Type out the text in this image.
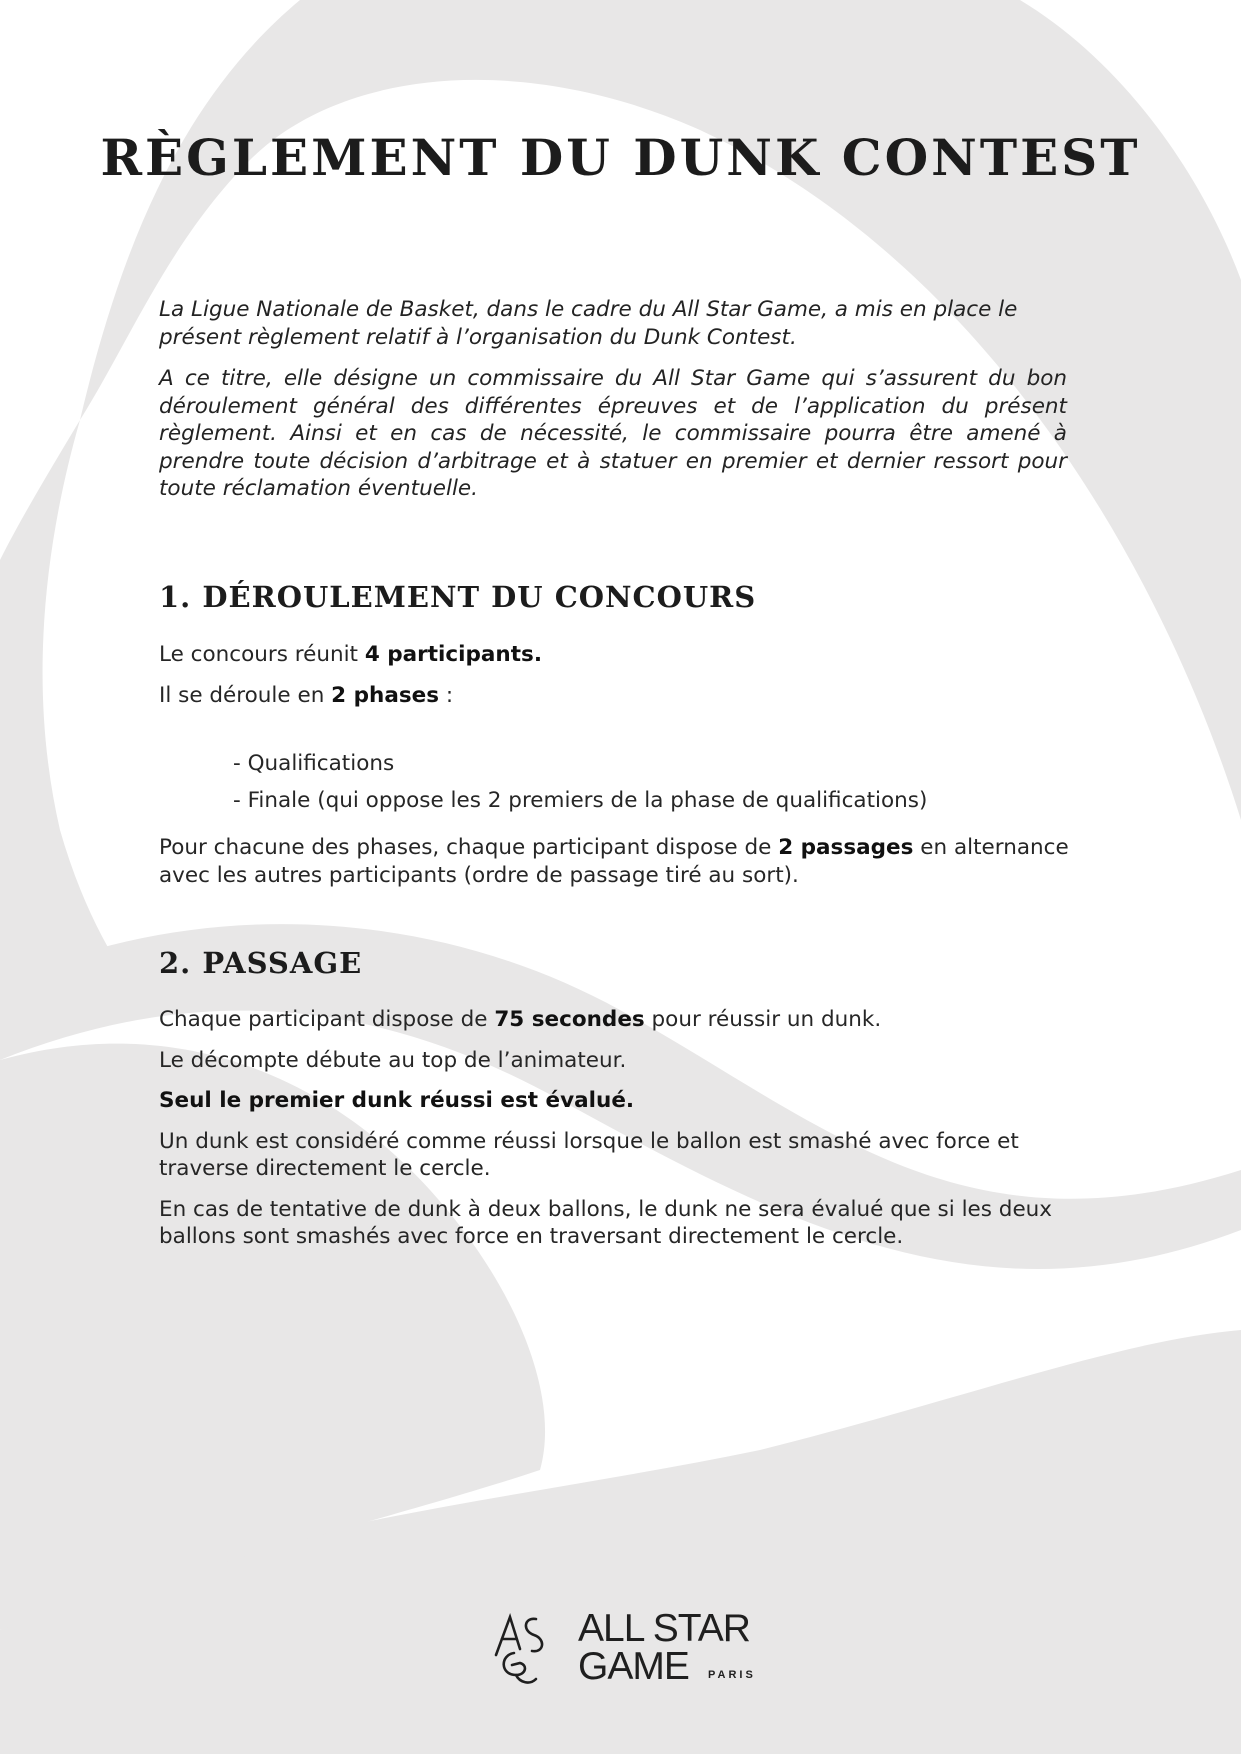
RÈGLEMENT DU DUNK CONTEST

La Ligue Nationale de Basket, dans le cadre du All Star Game, a mis en place le présent règlement relatif à l’organisation du Dunk Contest.

A ce titre, elle désigne un commissaire du All Star Game qui s’assurent du bon déroulement général des différentes épreuves et de l’application du présent règlement. Ainsi et en cas de nécessité, le commissaire pourra être amené à prendre toute décision d’arbitrage et à statuer en premier et dernier ressort pour toute réclamation éventuelle.

1. DÉROULEMENT DU CONCOURS

Le concours réunit 4 participants.

Il se déroule en 2 phases :

- Qualifications
- Finale (qui oppose les 2 premiers de la phase de qualifications)

Pour chacune des phases, chaque participant dispose de 2 passages en alternance avec les autres participants (ordre de passage tiré au sort).

2. PASSAGE

Chaque participant dispose de 75 secondes pour réussir un dunk.

Le décompte débute au top de l’animateur.

Seul le premier dunk réussi est évalué.

Un dunk est considéré comme réussi lorsque le ballon est smashé avec force et traverse directement le cercle.

En cas de tentative de dunk à deux ballons, le dunk ne sera évalué que si les deux ballons sont smashés avec force en traversant directement le cercle.

ALL STAR
GAME PARIS
